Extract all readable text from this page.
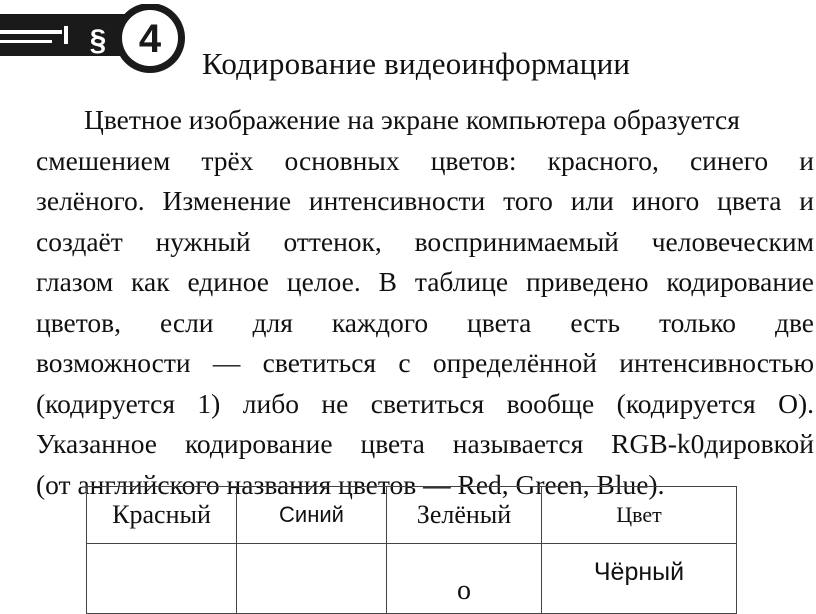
4
§
Кодирование видеоинформации
Цветное изображение на экране компьютера образуется
смешением трёх основных цветов: красного, синего и
зелёного. Изменение интенсивности того или иного цвета и
создаёт нужный оттенок, воспринимаемый человеческим
глазом как единое целое. В таблице приведено кодирование
цветов, если для каждого цвета есть только две
возможности — светиться с определённой интенсивностью
(кодируется 1) либо не светиться вообще (кодируется О).
Указанное кодирование цвета называется RGB-k0дировкой
(от английского названия цветов — Red, Green, Blue).
Красный	Синий	Зелёный	Цвет
		о	Чёрный
